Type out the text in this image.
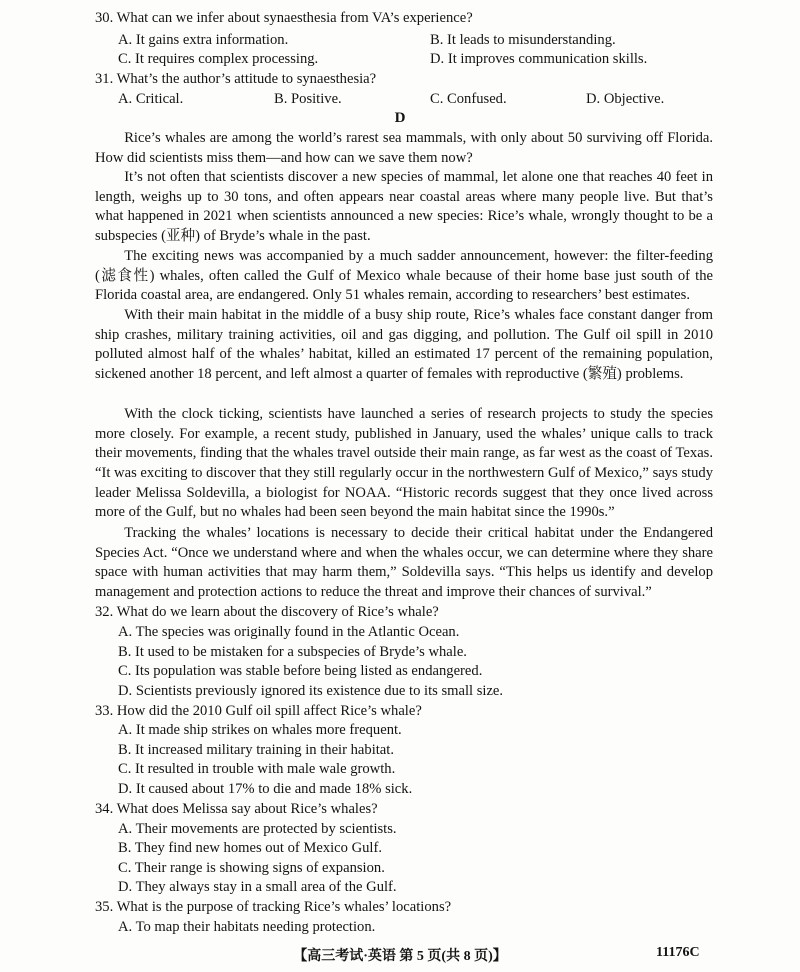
30. What can we infer about synaesthesia from VA’s experience?
A. It gains extra information.	B. It leads to misunderstanding.
C. It requires complex processing.	D. It improves communication skills.
31. What’s the author’s attitude to synaesthesia?
A. Critical.	B. Positive.	C. Confused.	D. Objective.
D
Rice’s whales are among the world’s rarest sea mammals, with only about 50 surviving off Florida. How did scientists miss them—and how can we save them now?
It’s not often that scientists discover a new species of mammal, let alone one that reaches 40 feet in length, weighs up to 30 tons, and often appears near coastal areas where many people live. But that’s what happened in 2021 when scientists announced a new species: Rice’s whale, wrongly thought to be a subspecies (亚种) of Bryde’s whale in the past.
The exciting news was accompanied by a much sadder announcement, however: the filter-feeding (滤食性) whales, often called the Gulf of Mexico whale because of their home base just south of the Florida coastal area, are endangered. Only 51 whales remain, according to researchers’ best estimates.
With their main habitat in the middle of a busy ship route, Rice’s whales face constant danger from ship crashes, military training activities, oil and gas digging, and pollution. The Gulf oil spill in 2010 polluted almost half of the whales’ habitat, killed an estimated 17 percent of the remaining population, sickened another 18 percent, and left almost a quarter of females with reproductive (繁殖) problems.
With the clock ticking, scientists have launched a series of research projects to study the species more closely. For example, a recent study, published in January, used the whales’ unique calls to track their movements, finding that the whales travel outside their main range, as far west as the coast of Texas. “It was exciting to discover that they still regularly occur in the northwestern Gulf of Mexico,” says study leader Melissa Soldevilla, a biologist for NOAA. “Historic records suggest that they once lived across more of the Gulf, but no whales had been seen beyond the main habitat since the 1990s.”
Tracking the whales’ locations is necessary to decide their critical habitat under the Endangered Species Act. “Once we understand where and when the whales occur, we can determine where they share space with human activities that may harm them,” Soldevilla says. “This helps us identify and develop management and protection actions to reduce the threat and improve their chances of survival.”
32. What do we learn about the discovery of Rice’s whale?
A. The species was originally found in the Atlantic Ocean.
B. It used to be mistaken for a subspecies of Bryde’s whale.
C. Its population was stable before being listed as endangered.
D. Scientists previously ignored its existence due to its small size.
33. How did the 2010 Gulf oil spill affect Rice’s whale?
A. It made ship strikes on whales more frequent.
B. It increased military training in their habitat.
C. It resulted in trouble with male wale growth.
D. It caused about 17% to die and made 18% sick.
34. What does Melissa say about Rice’s whales?
A. Their movements are protected by scientists.
B. They find new homes out of Mexico Gulf.
C. Their range is showing signs of expansion.
D. They always stay in a small area of the Gulf.
35. What is the purpose of tracking Rice’s whales’ locations?
A. To map their habitats needing protection.
【高三考试·英语 第 5 页(共 8 页)】	11176C
